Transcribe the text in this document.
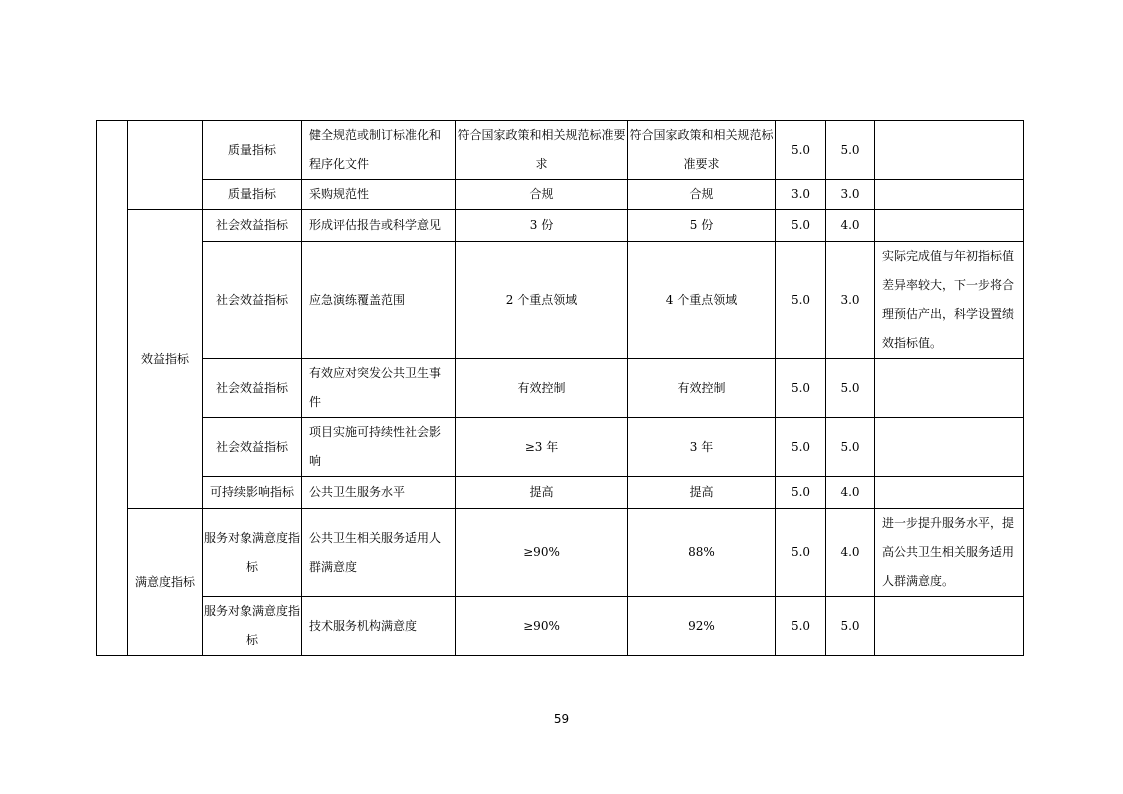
		质量指标	健全规范或制订标准化和程序化文件	符合国家政策和相关规范标准要求	符合国家政策和相关规范标准要求	5.0	5.0	
		质量指标	采购规范性	合规	合规	3.0	3.0	
	效益指标	社会效益指标	形成评估报告或科学意见	3 份	5 份	5.0	4.0	
		社会效益指标	应急演练覆盖范围	2 个重点领域	4 个重点领域	5.0	3.0	实际完成值与年初指标值差异率较大，下一步将合理预估产出，科学设置绩效指标值。
		社会效益指标	有效应对突发公共卫生事件	有效控制	有效控制	5.0	5.0	
		社会效益指标	项目实施可持续性社会影响	≥3 年	3 年	5.0	5.0	
		可持续影响指标	公共卫生服务水平	提高	提高	5.0	4.0	
	满意度指标	服务对象满意度指标	公共卫生相关服务适用人群满意度	≥90%	88%	5.0	4.0	进一步提升服务水平，提高公共卫生相关服务适用人群满意度。
		服务对象满意度指标	技术服务机构满意度	≥90%	92%	5.0	5.0	
59
